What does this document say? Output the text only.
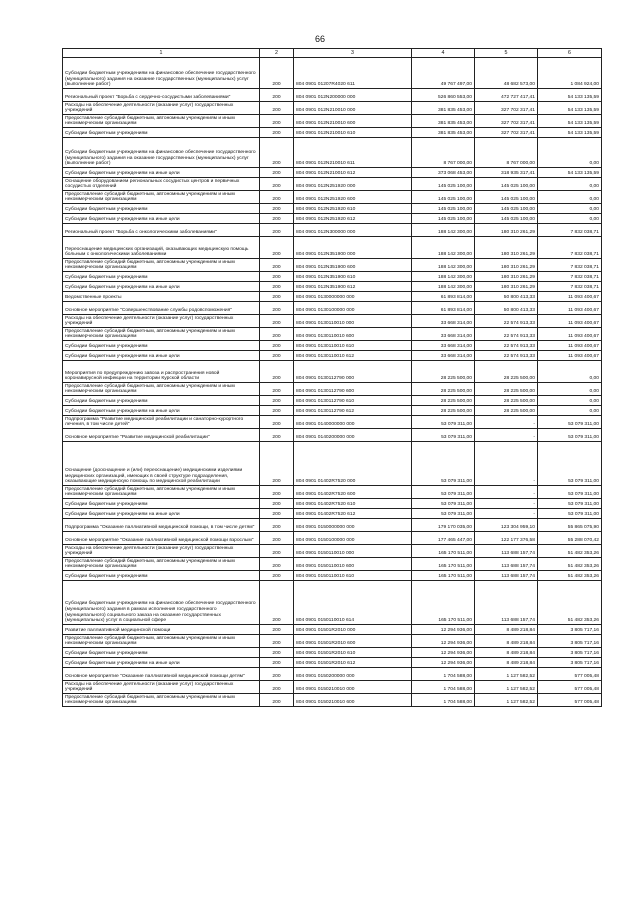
66
1	2	3	4	5	6
Субсидии бюджетным учреждениям на финансовое обеспечение государственного (муниципального) задания на оказание государственных (муниципальных) услуг (выполнение работ)	200	804 0901 01207R4020 611	49 767 497,00	48 682 573,00	1 084 924,00
Региональный проект "Борьба с сердечно-сосудистыми заболеваниями"	200	804 0901 012N200000 000	526 860 553,00	472 727 417,41	54 133 135,59
Расходы на обеспечение деятельности (оказание услуг) государственных учреждений	200	804 0901 012N210010 000	381 835 453,00	327 702 317,41	54 133 135,59
Предоставление субсидий бюджетным, автономным учреждениям и иным некоммерческим организациям	200	804 0901 012N210010 600	381 835 453,00	327 702 317,41	54 133 135,59
Субсидии бюджетным учреждениям	200	804 0901 012N210010 610	381 835 453,00	327 702 317,41	54 133 135,59
Субсидии бюджетным учреждениям на финансовое обеспечение государственного (муниципального) задания на оказание государственных (муниципальных) услуг (выполнение работ)	200	804 0901 012N210010 611	8 767 000,00	8 767 000,00	0,00
Субсидии бюджетным учреждениям на иные цели	200	804 0901 012N210010 612	373 068 453,00	318 935 317,41	54 133 135,59
Оснащение оборудованием региональных сосудистых центров и первичных сосудистых отделений	200	804 0901 012N251920 000	145 025 100,00	145 025 100,00	0,00
Предоставление субсидий бюджетным, автономным учреждениям и иным некоммерческим организациям	200	804 0901 012N251920 600	145 025 100,00	145 025 100,00	0,00
Субсидии бюджетным учреждениям	200	804 0901 012N251920 610	145 025 100,00	145 025 100,00	0,00
Субсидии бюджетным учреждениям на иные цели	200	804 0901 012N251920 612	145 025 100,00	145 025 100,00	0,00
Региональный проект "Борьба с онкологическими заболеваниями"	200	804 0901 012N300000 000	188 142 300,00	180 310 261,29	7 832 038,71
Переоснащение медицинских организаций, оказывающих медицинскую помощь больным с онкологическими заболеваниями	200	804 0901 012N351900 000	188 142 300,00	180 310 261,29	7 832 038,71
Предоставление субсидий бюджетным, автономным учреждениям и иным некоммерческим организациям	200	804 0901 012N351900 600	188 142 300,00	180 310 261,29	7 832 038,71
Субсидии бюджетным учреждениям	200	804 0901 012N351900 610	188 142 300,00	180 310 261,29	7 832 038,71
Субсидии бюджетным учреждениям на иные цели	200	804 0901 012N351900 612	188 142 300,00	180 310 261,29	7 832 038,71
Ведомственные проекты	200	804 0901 0130000000 000	61 893 814,00	50 800 413,33	11 093 400,67
Основное мероприятие "Совершенствование службы родовспоможения"	200	804 0901 0130100000 000	61 893 814,00	50 800 413,33	11 093 400,67
Расходы на обеспечение деятельности (оказание услуг) государственных учреждений	200	804 0901 0130110010 000	33 668 314,00	22 574 913,33	11 093 400,67
Предоставление субсидий бюджетным, автономным учреждениям и иным некоммерческим организациям	200	804 0901 0130110010 600	33 668 314,00	22 574 913,33	11 093 400,67
Субсидии бюджетным учреждениям	200	804 0901 0130110010 610	33 668 314,00	22 574 913,33	11 093 400,67
Субсидии бюджетным учреждениям на иные цели	200	804 0901 0130110010 612	33 668 314,00	22 574 913,33	11 093 400,67
Мероприятия по предупреждению завоза и распространения новой коронавирусной инфекции на территории Курской области	200	804 0901 0130112790 000	28 225 500,00	28 225 500,00	0,00
Предоставление субсидий бюджетным, автономным учреждениям и иным некоммерческим организациям	200	804 0901 0130112790 600	28 225 500,00	28 225 500,00	0,00
Субсидии бюджетным учреждениям	200	804 0901 0130112790 610	28 225 500,00	28 225 500,00	0,00
Субсидии бюджетным учреждениям на иные цели	200	804 0901 0130112790 612	28 225 500,00	28 225 500,00	0,00
Подпрограмма "Развитие медицинской реабилитации и санаторно-курортного лечения, в том числе детей"	200	804 0901 0140000000 000	53 079 311,00	-	53 079 311,00
Основное мероприятие "Развитие медицинской реабилитации"	200	804 0901 0140200000 000	53 079 311,00	-	53 079 311,00
Оснащение (дооснащение и (или) переоснащение) медицинскими изделиями медицинских организаций, имеющих в своей структуре подразделения, оказывающие медицинскую помощь по медицинской реабилитации	200	804 0901 01402R7520 000	53 079 311,00	-	53 079 311,00
Предоставление субсидий бюджетным, автономным учреждениям и иным некоммерческим организациям	200	804 0901 01402R7520 600	53 079 311,00	-	53 079 311,00
Субсидии бюджетным учреждениям	200	804 0901 01402R7520 610	53 079 311,00	-	53 079 311,00
Субсидии бюджетным учреждениям на иные цели	200	804 0901 01402R7520 612	53 079 311,00	-	53 079 311,00
Подпрограмма "Оказание паллиативной медицинской помощи, в том числе детям"	200	804 0901 0150000000 000	179 170 035,00	123 304 959,10	55 865 075,90
Основное мероприятие "Оказание паллиативной медицинской помощи взрослым"	200	804 0901 0150100000 000	177 465 447,00	122 177 376,58	55 288 070,42
Расходы на обеспечение деятельности (оказание услуг) государственных учреждений	200	804 0901 0150110010 000	165 170 511,00	113 688 157,74	51 482 353,26
Предоставление субсидий бюджетным, автономным учреждениям и иным некоммерческим организациям	200	804 0901 0150110010 600	165 170 511,00	113 688 157,74	51 482 353,26
Субсидии бюджетным учреждениям	200	804 0901 0150110010 610	165 170 511,00	113 688 157,74	51 482 353,26
Субсидии бюджетным учреждениям на финансовое обеспечение государственного (муниципального) задания в рамках исполнения государственного (муниципального) социального заказа на оказание государственных (муниципальных) услуг в социальной сфере	200	804 0901 0150110010 614	165 170 511,00	113 688 157,74	51 482 353,26
Развитие паллиативной медицинской помощи	200	804 0901 01501R2010 000	12 294 936,00	8 489 218,84	3 805 717,16
Предоставление субсидий бюджетным, автономным учреждениям и иным некоммерческим организациям	200	804 0901 01501R2010 600	12 294 936,00	8 489 218,84	3 805 717,16
Субсидии бюджетным учреждениям	200	804 0901 01501R2010 610	12 294 936,00	8 489 218,84	3 805 717,16
Субсидии бюджетным учреждениям на иные цели	200	804 0901 01501R2010 612	12 294 936,00	8 489 218,84	3 805 717,16
Основное мероприятие "Оказание паллиативной медицинской помощи детям"	200	804 0901 0150200000 000	1 704 588,00	1 127 582,52	577 005,48
Расходы на обеспечение деятельности (оказание услуг) государственных учреждений	200	804 0901 0150210010 000	1 704 588,00	1 127 582,52	577 005,48
Предоставление субсидий бюджетным, автономным учреждениям и иным некоммерческим организациям	200	804 0901 0150210010 600	1 704 588,00	1 127 582,52	577 005,48
